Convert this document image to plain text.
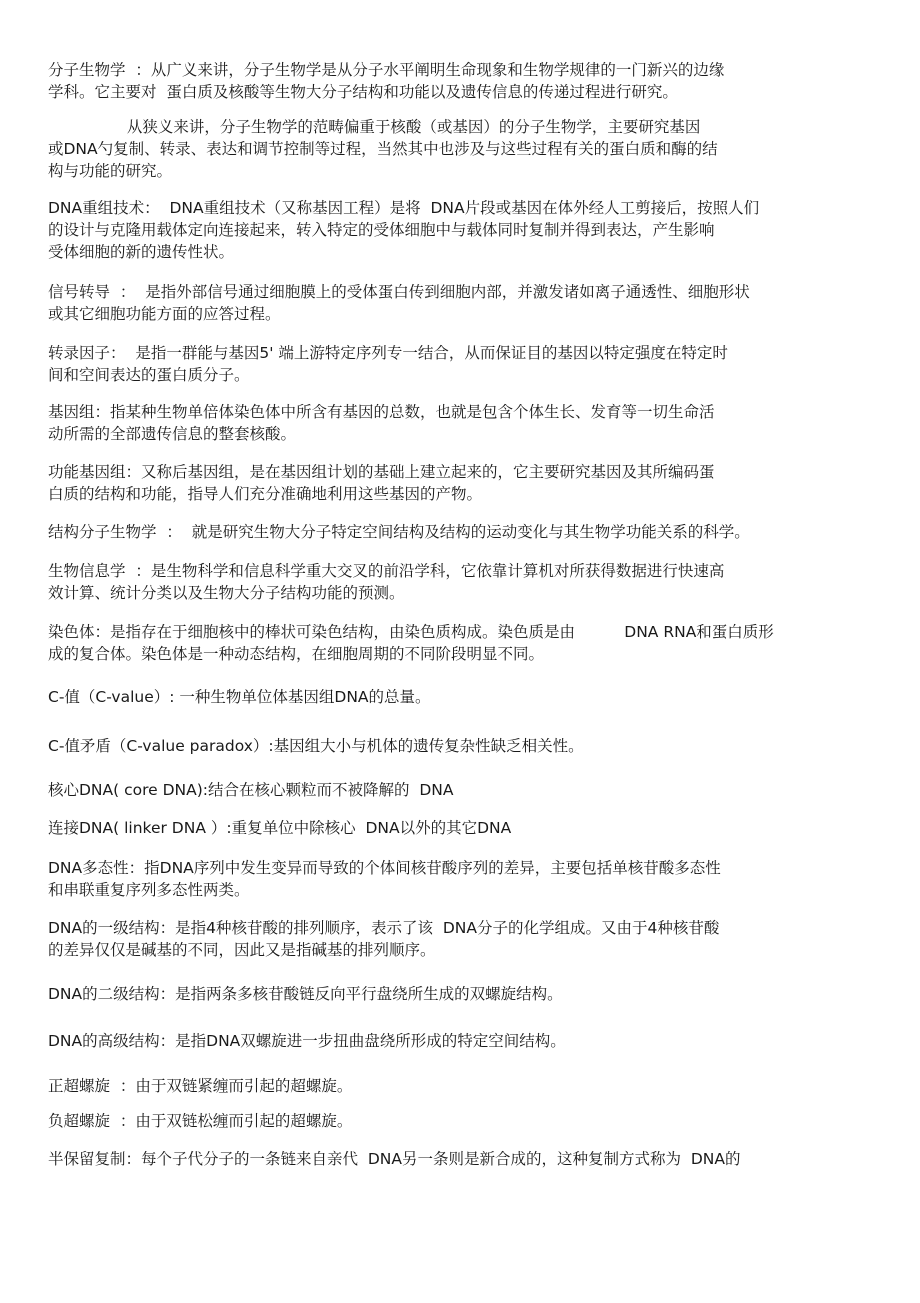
分子生物学  ：从广义来讲，分子生物学是从分子水平阐明生命现象和生物学规律的一门新兴的边缘
学科。它主要对  蛋白质及核酸等生物大分子结构和功能以及遗传信息的传递过程进行研究。
从狭义来讲，分子生物学的范畴偏重于核酸（或基因）的分子生物学，主要研究基因
或DNA勺复制、转录、表达和调节控制等过程，当然其中也涉及与这些过程有关的蛋白质和酶的结
构与功能的研究。
DNA重组技术：  DNA重组技术（又称基因工程）是将  DNA片段或基因在体外经人工剪接后，按照人们
的设计与克隆用载体定向连接起来，转入特定的受体细胞中与载体同时复制并得到表达，产生影响
受体细胞的新的遗传性状。
信号转导  ：  是指外部信号通过细胞膜上的受体蛋白传到细胞内部，并激发诸如离子通透性、细胞形状
或其它细胞功能方面的应答过程。
转录因子：  是指一群能与基因5' 端上游特定序列专一结合，从而保证目的基因以特定强度在特定时
间和空间表达的蛋白质分子。
基因组：指某种生物单倍体染色体中所含有基因的总数，也就是包含个体生长、发育等一切生命活
动所需的全部遗传信息的整套核酸。
功能基因组：又称后基因组，是在基因组计划的基础上建立起来的，它主要研究基因及其所编码蛋
白质的结构和功能，指导人们充分准确地利用这些基因的产物。
结构分子生物学  ：  就是研究生物大分子特定空间结构及结构的运动变化与其生物学功能关系的科学。
生物信息学  ：是生物科学和信息科学重大交叉的前沿学科，它依靠计算机对所获得数据进行快速高
效计算、统计分类以及生物大分子结构功能的预测。
染色体：是指存在于细胞核中的棒状可染色结构，由染色质构成。染色质是由          DNA RNA和蛋白质形
成的复合体。染色体是一种动态结构，在细胞周期的不同阶段明显不同。
C-值（C-value）: 一种生物单位体基因组DNA的总量。
C-值矛盾（C-value paradox）:基因组大小与机体的遗传复杂性缺乏相关性。
核心DNA( core DNA):结合在核心颗粒而不被降解的  DNA
连接DNA( linker DNA ）:重复单位中除核心  DNA以外的其它DNA
DNA多态性：指DNA序列中发生变异而导致的个体间核苷酸序列的差异，主要包括单核苷酸多态性
和串联重复序列多态性两类。
DNA的一级结构：是指4种核苷酸的排列顺序，表示了该  DNA分子的化学组成。又由于4种核苷酸
的差异仅仅是碱基的不同，因此又是指碱基的排列顺序。
DNA的二级结构：是指两条多核苷酸链反向平行盘绕所生成的双螺旋结构。
DNA的高级结构：是指DNA双螺旋进一步扭曲盘绕所形成的特定空间结构。
正超螺旋  ：由于双链紧缠而引起的超螺旋。
负超螺旋  ：由于双链松缠而引起的超螺旋。
半保留复制：每个子代分子的一条链来自亲代  DNA另一条则是新合成的，这种复制方式称为  DNA的
